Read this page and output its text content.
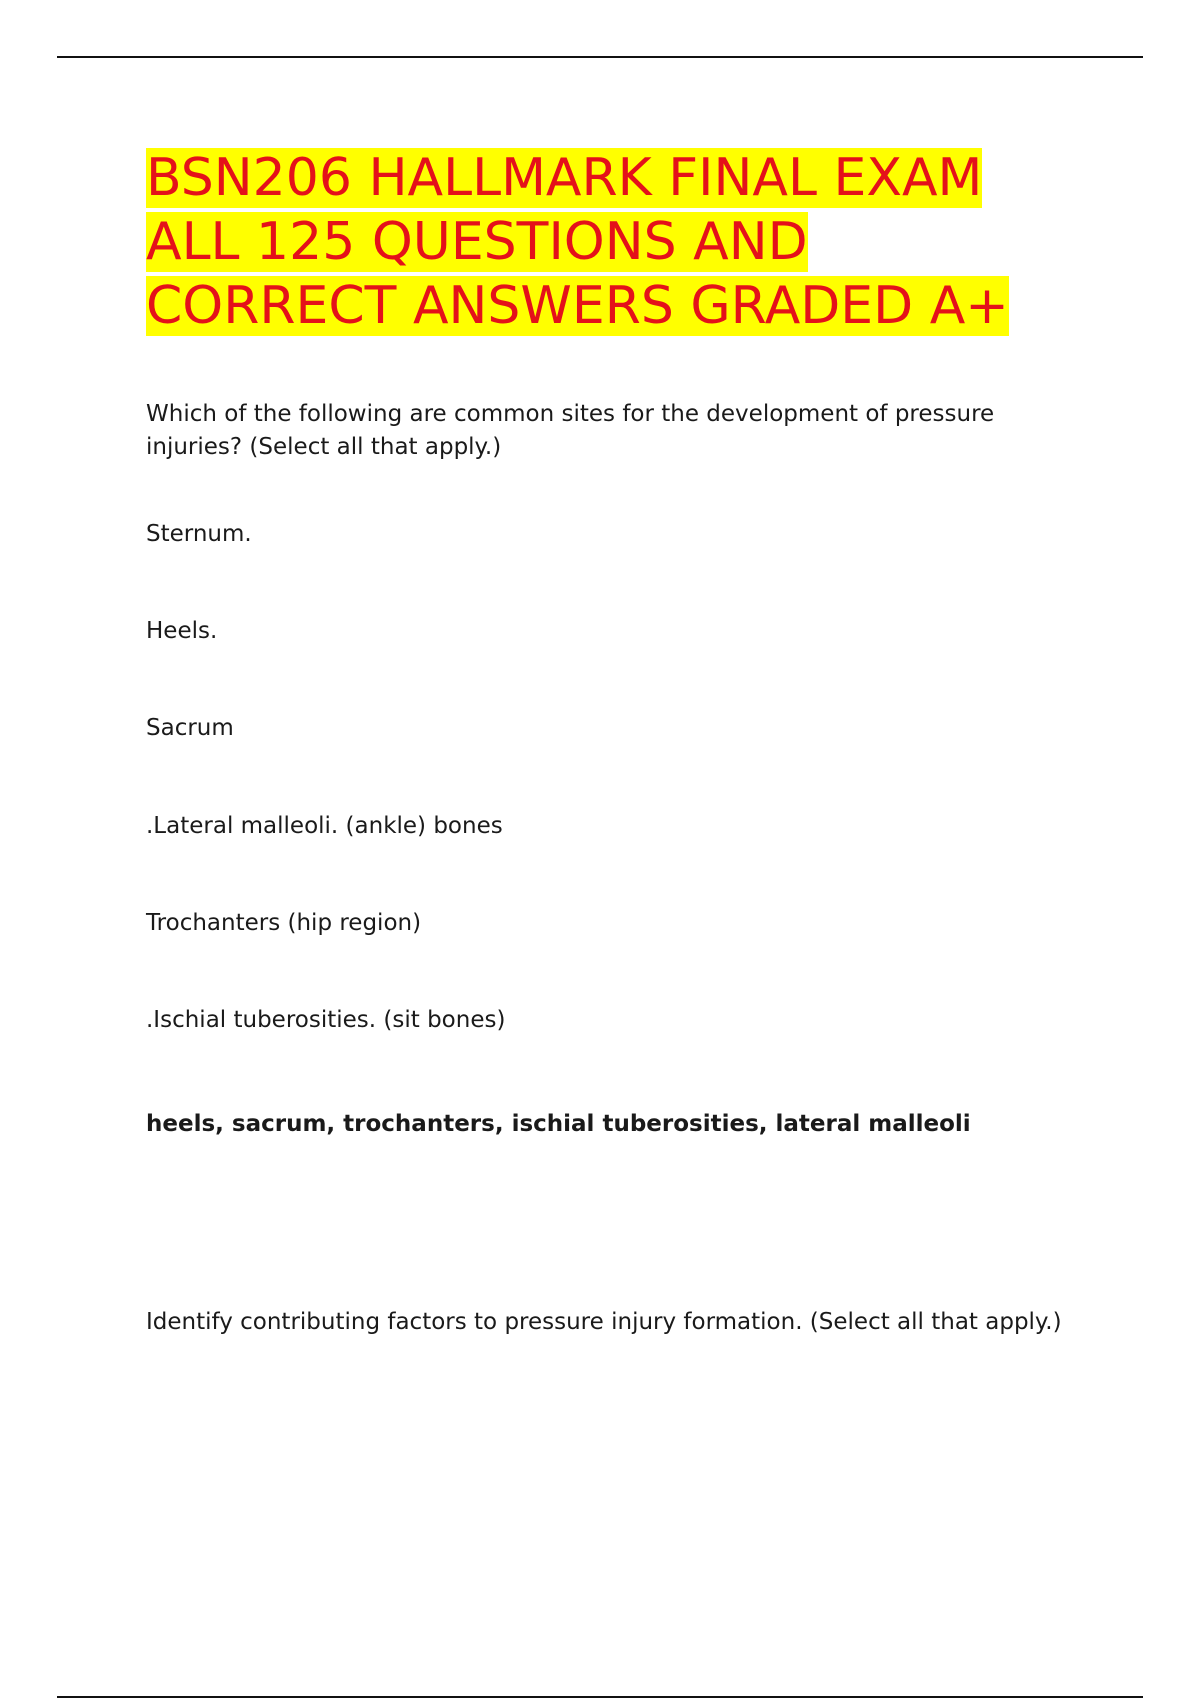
BSN206 HALLMARK FINAL EXAM
ALL 125 QUESTIONS AND
CORRECT ANSWERS GRADED A+

Which of the following are common sites for the development of pressure injuries? (Select all that apply.)

Sternum.

Heels.

Sacrum

.Lateral malleoli. (ankle) bones

Trochanters (hip region)

.Ischial tuberosities. (sit bones)

heels, sacrum, trochanters, ischial tuberosities, lateral malleoli

Identify contributing factors to pressure injury formation. (Select all that apply.)
